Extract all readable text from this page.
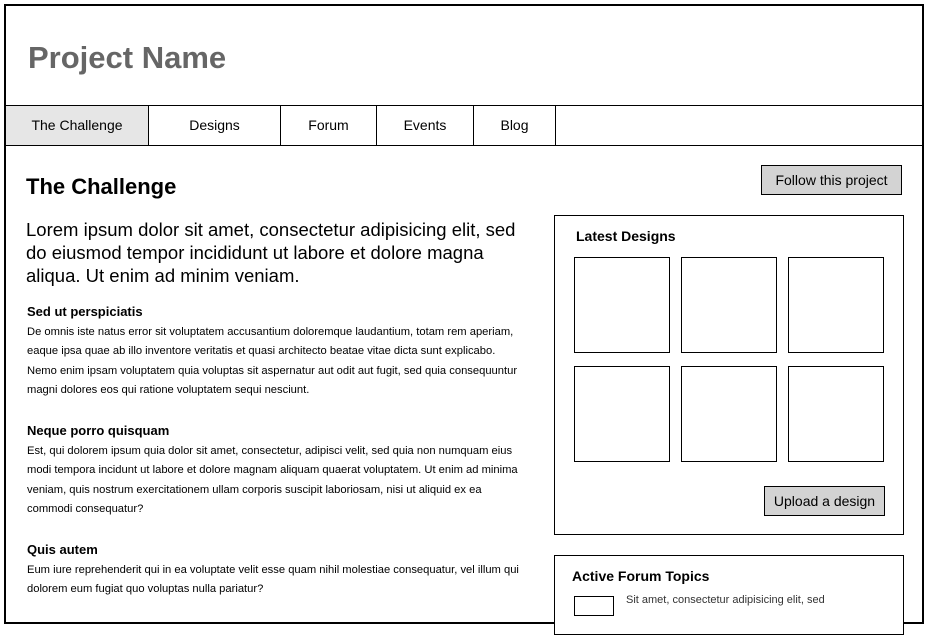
Project Name
The Challenge	Designs	Forum	Events	Blog
The Challenge
Lorem ipsum dolor sit amet, consectetur adipisicing elit, sed do eiusmod tempor incididunt ut labore et dolore magna aliqua. Ut enim ad minim veniam.
Sed ut perspiciatis
De omnis iste natus error sit voluptatem accusantium doloremque laudantium, totam rem aperiam, eaque ipsa quae ab illo inventore veritatis et quasi architecto beatae vitae dicta sunt explicabo. Nemo enim ipsam voluptatem quia voluptas sit aspernatur aut odit aut fugit, sed quia consequuntur magni dolores eos qui ratione voluptatem sequi nesciunt.
Neque porro quisquam
Est, qui dolorem ipsum quia dolor sit amet, consectetur, adipisci velit, sed quia non numquam eius modi tempora incidunt ut labore et dolore magnam aliquam quaerat voluptatem. Ut enim ad minima veniam, quis nostrum exercitationem ullam corporis suscipit laboriosam, nisi ut aliquid ex ea commodi consequatur?
Quis autem
Eum iure reprehenderit qui in ea voluptate velit esse quam nihil molestiae consequatur, vel illum qui dolorem eum fugiat quo voluptas nulla pariatur?
Follow this project
Latest Designs
Upload a design
Active Forum Topics
Sit amet, consectetur adipisicing elit, sed
